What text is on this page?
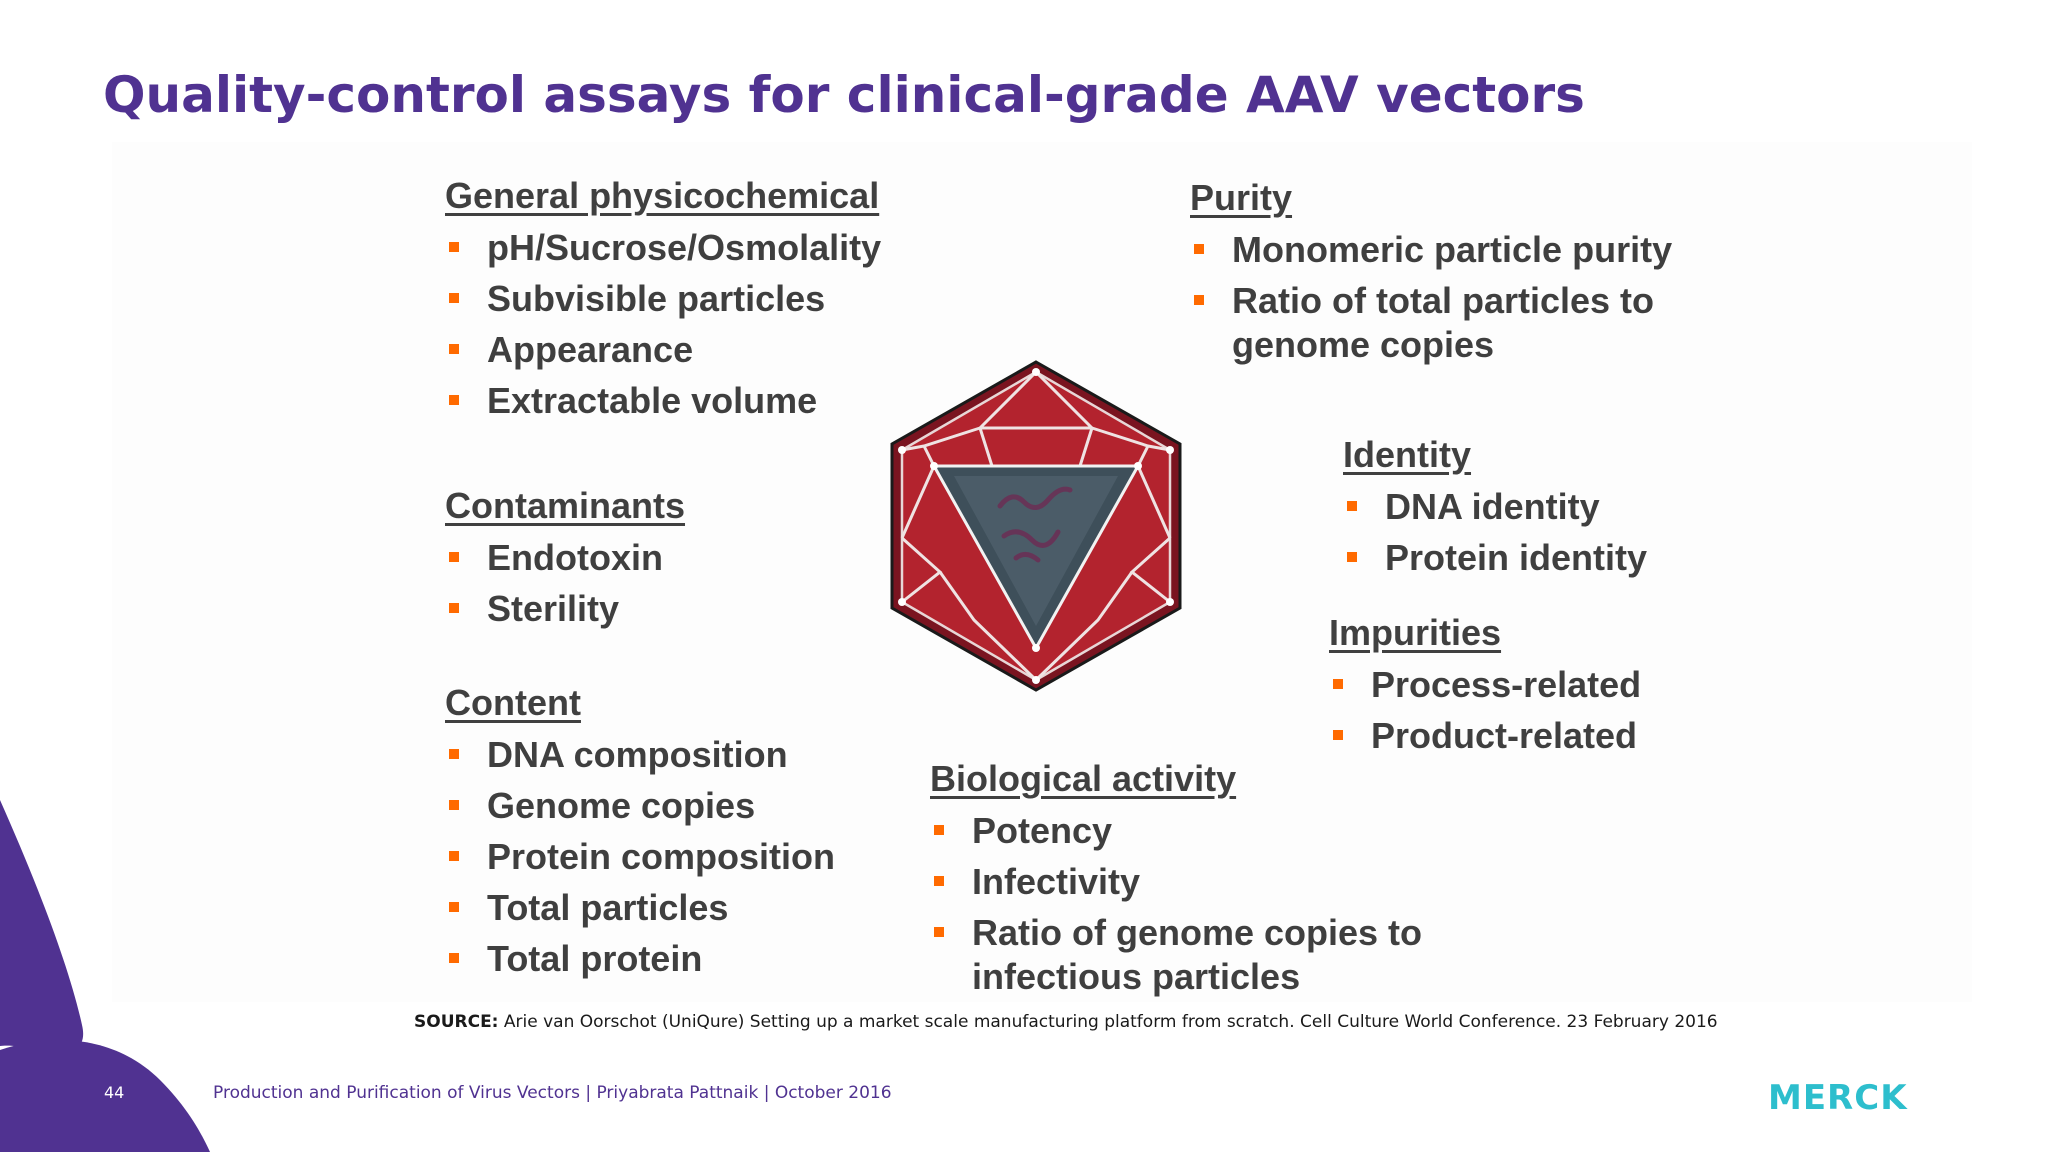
Quality-control assays for clinical-grade AAV vectors
General physicochemical
pH/Sucrose/Osmolality
Subvisible particles
Appearance
Extractable volume
Contaminants
Endotoxin
Sterility
Content
DNA composition
Genome copies
Protein composition
Total particles
Total protein
Purity
Monomeric particle purity
Ratio of total particles to genome copies
Identity
DNA identity
Protein identity
Impurities
Process-related
Product-related
Biological activity
Potency
Infectivity
Ratio of genome copies to infectious particles
SOURCE: Arie van Oorschot (UniQure) Setting up a market scale manufacturing platform from scratch. Cell Culture World Conference. 23 February 2016
44	Production and Purification of Virus Vectors | Priyabrata Pattnaik | October 2016	MERCK
